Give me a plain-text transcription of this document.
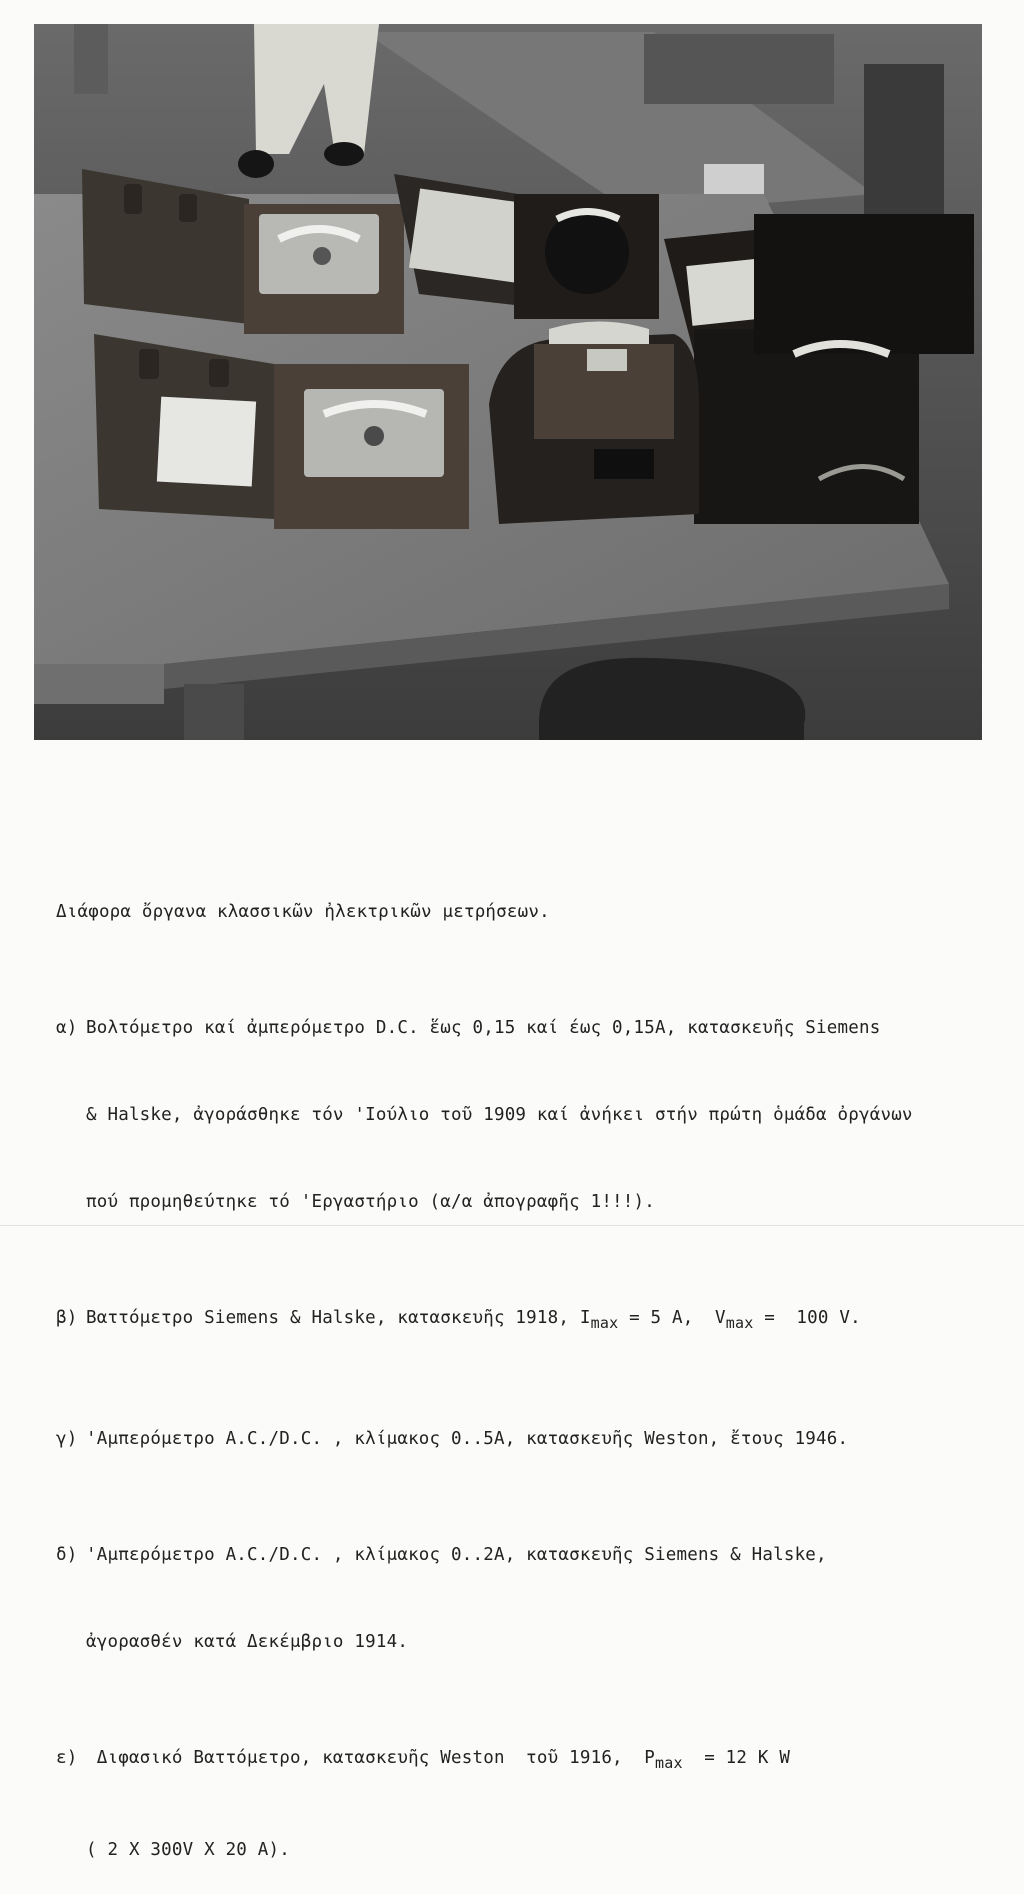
Διάφορα ὄργανα κλασσικῶν ἠλεκτρικῶν μετρήσεων.

α) Βολτόμετρο καί ἀμπερόμετρο D.C. ἕως 0,15 καί έως 0,15Α, κατασκευῆς Siemens

& Halske, ἀγοράσθηκε τόν 'Ιούλιο τοῦ 1909 καί ἀνήκει στήν πρώτη ὁμάδα ὀργάνων

πού προμηθεύτηκε τό 'Εργαστήριο (α/α ἀπογραφῆς 1!!!).

β) Βαττόμετρο Siemens & Halske, κατασκευῆς 1918, Imax = 5 A, Vmax =  100 V.

γ) 'Αμπερόμετρο A.C./D.C. , κλίμακος 0..5Α, κατασκευῆς Weston, ἔτους 1946.

δ) 'Αμπερόμετρο A.C./D.C. , κλίμακος 0..2Α, κατασκευῆς Siemens & Halske,

ἀγορασθέν κατά Δεκέμβριο 1914.

ε) Διφασικό Βαττόμετρο, κατασκευῆς Weston  τοῦ 1916, Pmax  = 12 K W

( 2 X 300V X 20 A).
